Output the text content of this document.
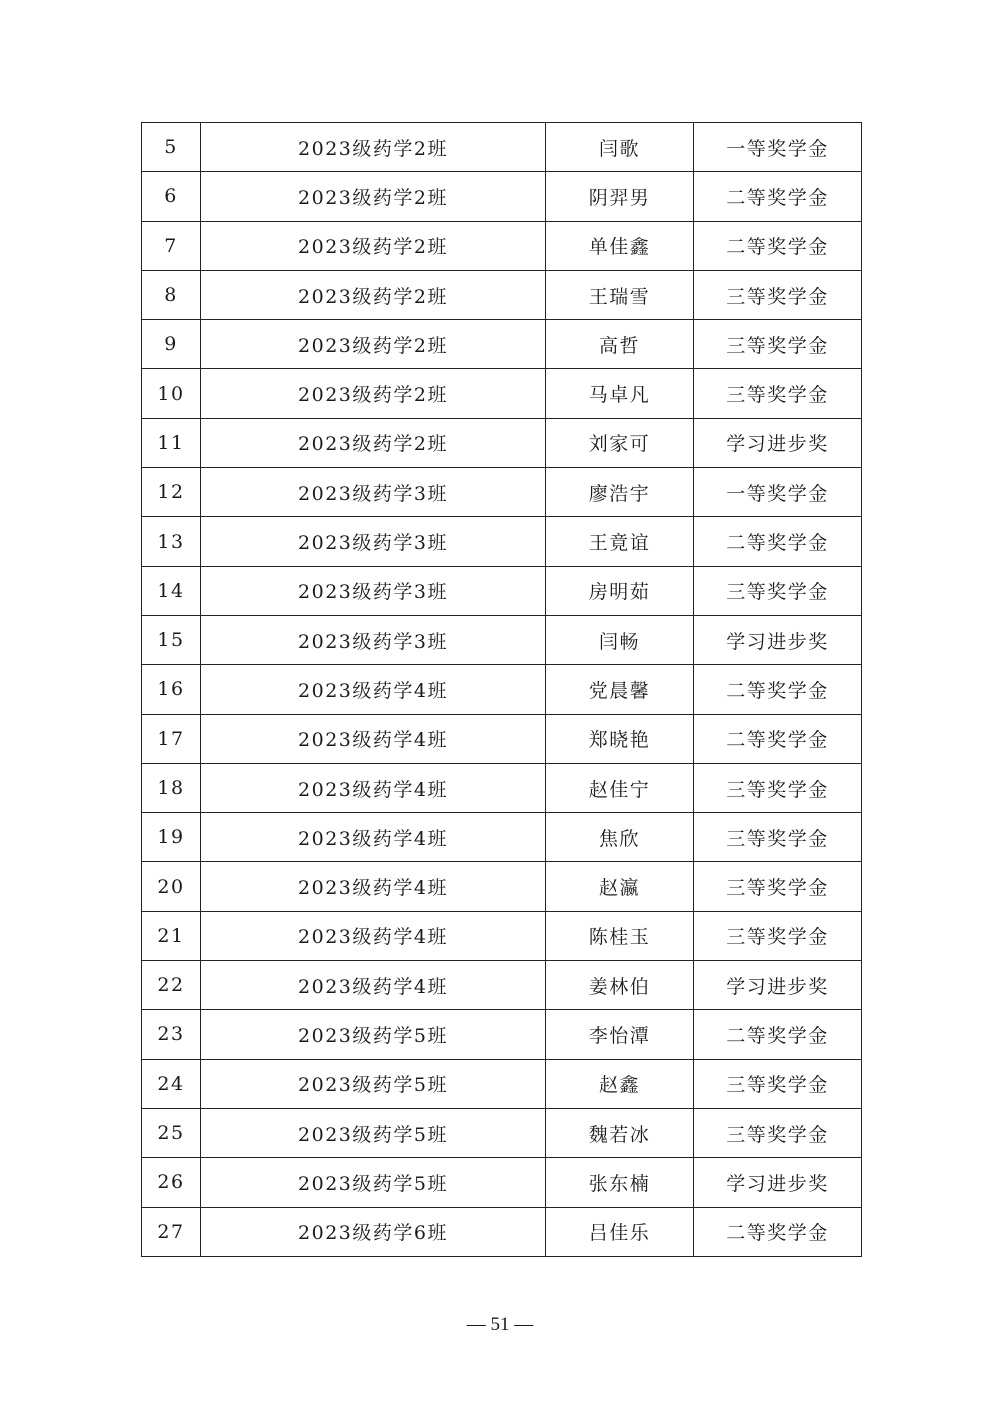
5	2023级药学2班	闫歌	一等奖学金
6	2023级药学2班	阴羿男	二等奖学金
7	2023级药学2班	单佳鑫	二等奖学金
8	2023级药学2班	王瑞雪	三等奖学金
9	2023级药学2班	高哲	三等奖学金
10	2023级药学2班	马卓凡	三等奖学金
11	2023级药学2班	刘家可	学习进步奖
12	2023级药学3班	廖浩宇	一等奖学金
13	2023级药学3班	王竟谊	二等奖学金
14	2023级药学3班	房明茹	三等奖学金
15	2023级药学3班	闫畅	学习进步奖
16	2023级药学4班	党晨馨	二等奖学金
17	2023级药学4班	郑晓艳	二等奖学金
18	2023级药学4班	赵佳宁	三等奖学金
19	2023级药学4班	焦欣	三等奖学金
20	2023级药学4班	赵瀛	三等奖学金
21	2023级药学4班	陈桂玉	三等奖学金
22	2023级药学4班	姜林伯	学习进步奖
23	2023级药学5班	李怡潭	二等奖学金
24	2023级药学5班	赵鑫	三等奖学金
25	2023级药学5班	魏若冰	三等奖学金
26	2023级药学5班	张东楠	学习进步奖
27	2023级药学6班	吕佳乐	二等奖学金
— 51 —
